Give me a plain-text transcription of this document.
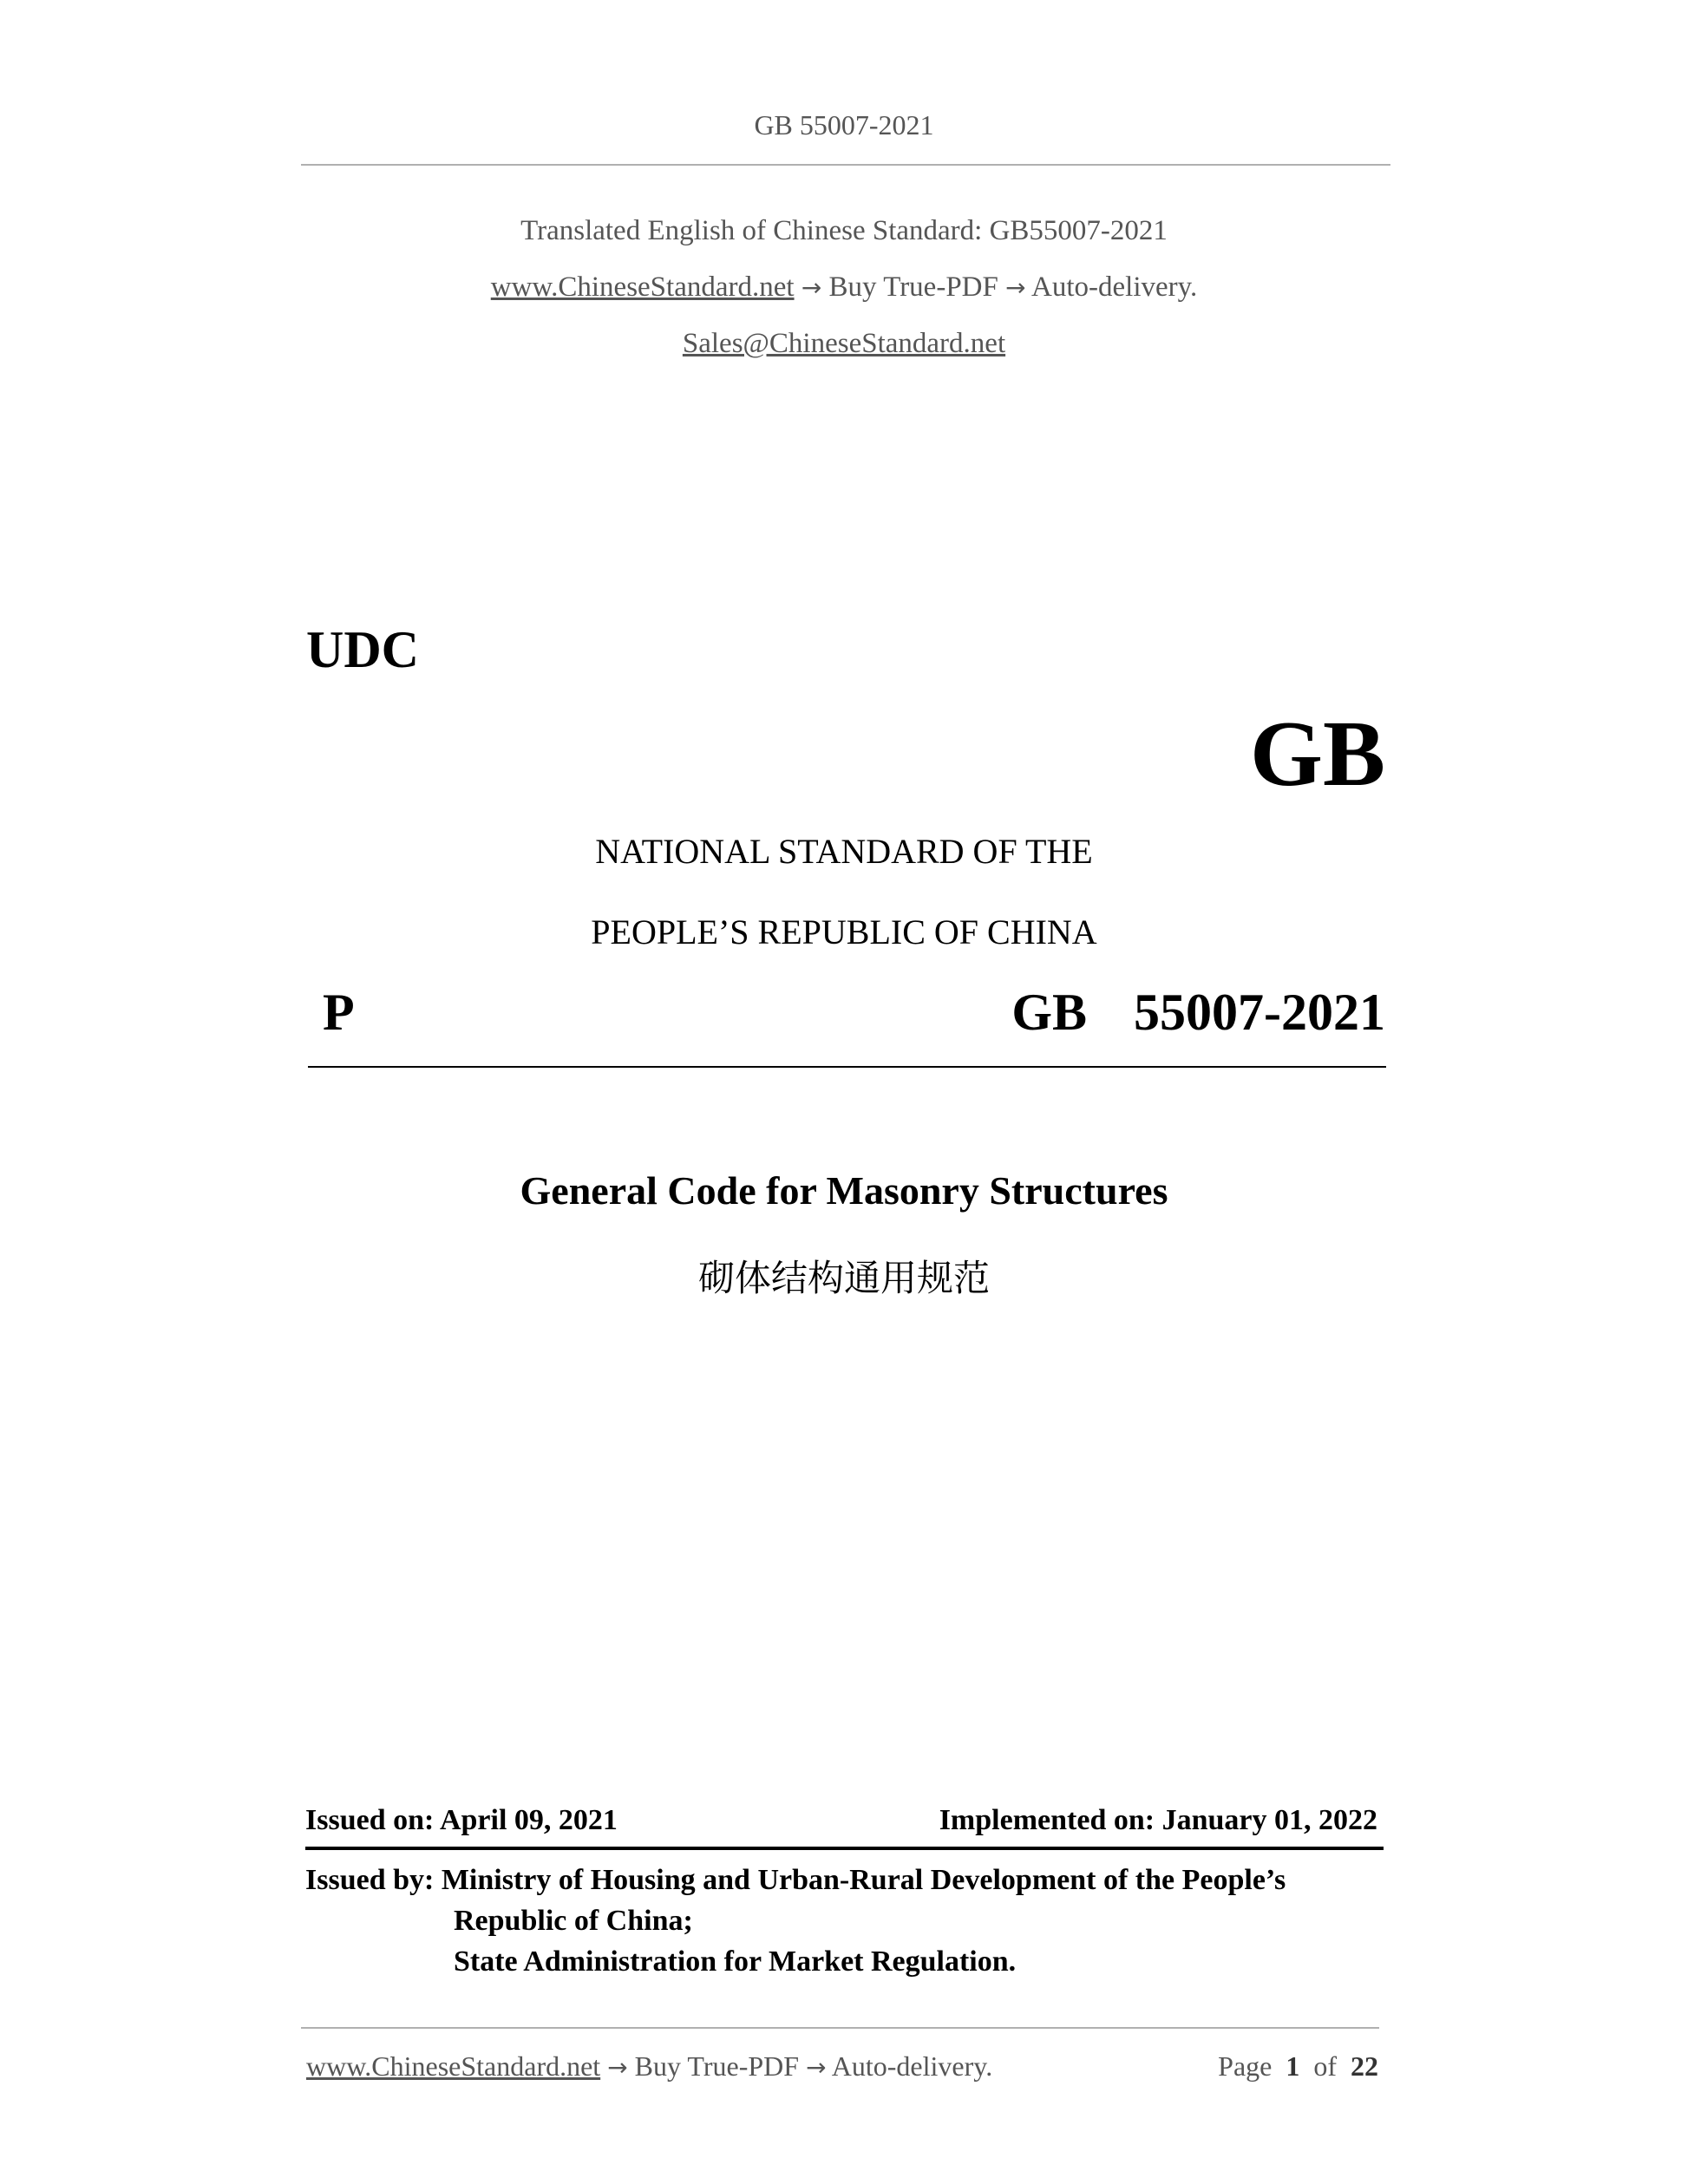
GB 55007-2021
Translated English of Chinese Standard: GB55007-2021
www.ChineseStandard.net → Buy True-PDF → Auto-delivery.
Sales@ChineseStandard.net
UDC
GB
NATIONAL STANDARD OF THE
PEOPLE’S REPUBLIC OF CHINA
P	GB  55007-2021
General Code for Masonry Structures
砌体结构通用规范
Issued on: April 09, 2021	Implemented on: January 01, 2022
Issued by: Ministry of Housing and Urban-Rural Development of the People’s
Republic of China;
State Administration for Market Regulation.
www.ChineseStandard.net → Buy True-PDF → Auto-delivery.	Page 1 of 22
